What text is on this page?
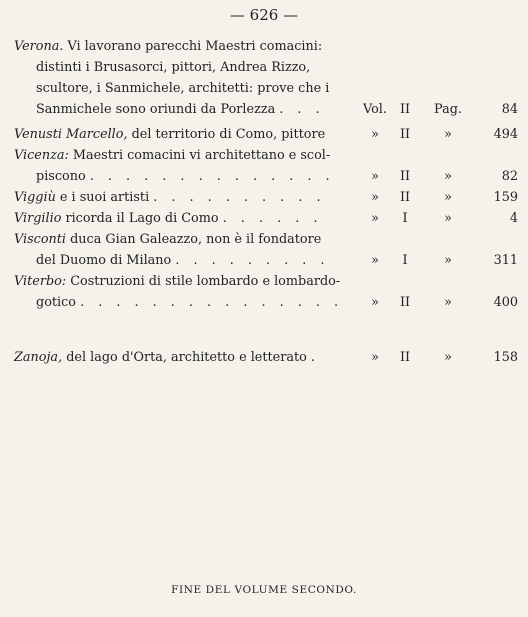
— 626 —
Verona. Vi lavorano parecchi Maestri comacini:
distinti i Brusasorci, pittori, Andrea Rizzo,
scultore, i Sanmichele, architetti: prove che i
Sanmichele sono oriundi da Porlezza . . .	Vol.	II	Pag.	84
Venusti Marcello, del territorio di Como, pittore	»	II	»	494
Vicenza: Maestri comacini vi architettano e scol-
piscono . . . . . . . . . . . . . .	»	II	»	82
Viggiù e i suoi artisti . . . . . . . . . .	»	II	»	159
Virgilio ricorda il Lago di Como . . . . . .	»	I	»	4
Visconti duca Gian Galeazzo, non è il fondatore
del Duomo di Milano . . . . . . . . .	»	I	»	311
Viterbo: Costruzioni di stile lombardo e lombardo-
gotico . . . . . . . . . . . . . . .	»	II	»	400
Zanoja, del lago d'Orta, architetto e letterato .	»	II	»	158
FINE DEL VOLUME SECONDO.
